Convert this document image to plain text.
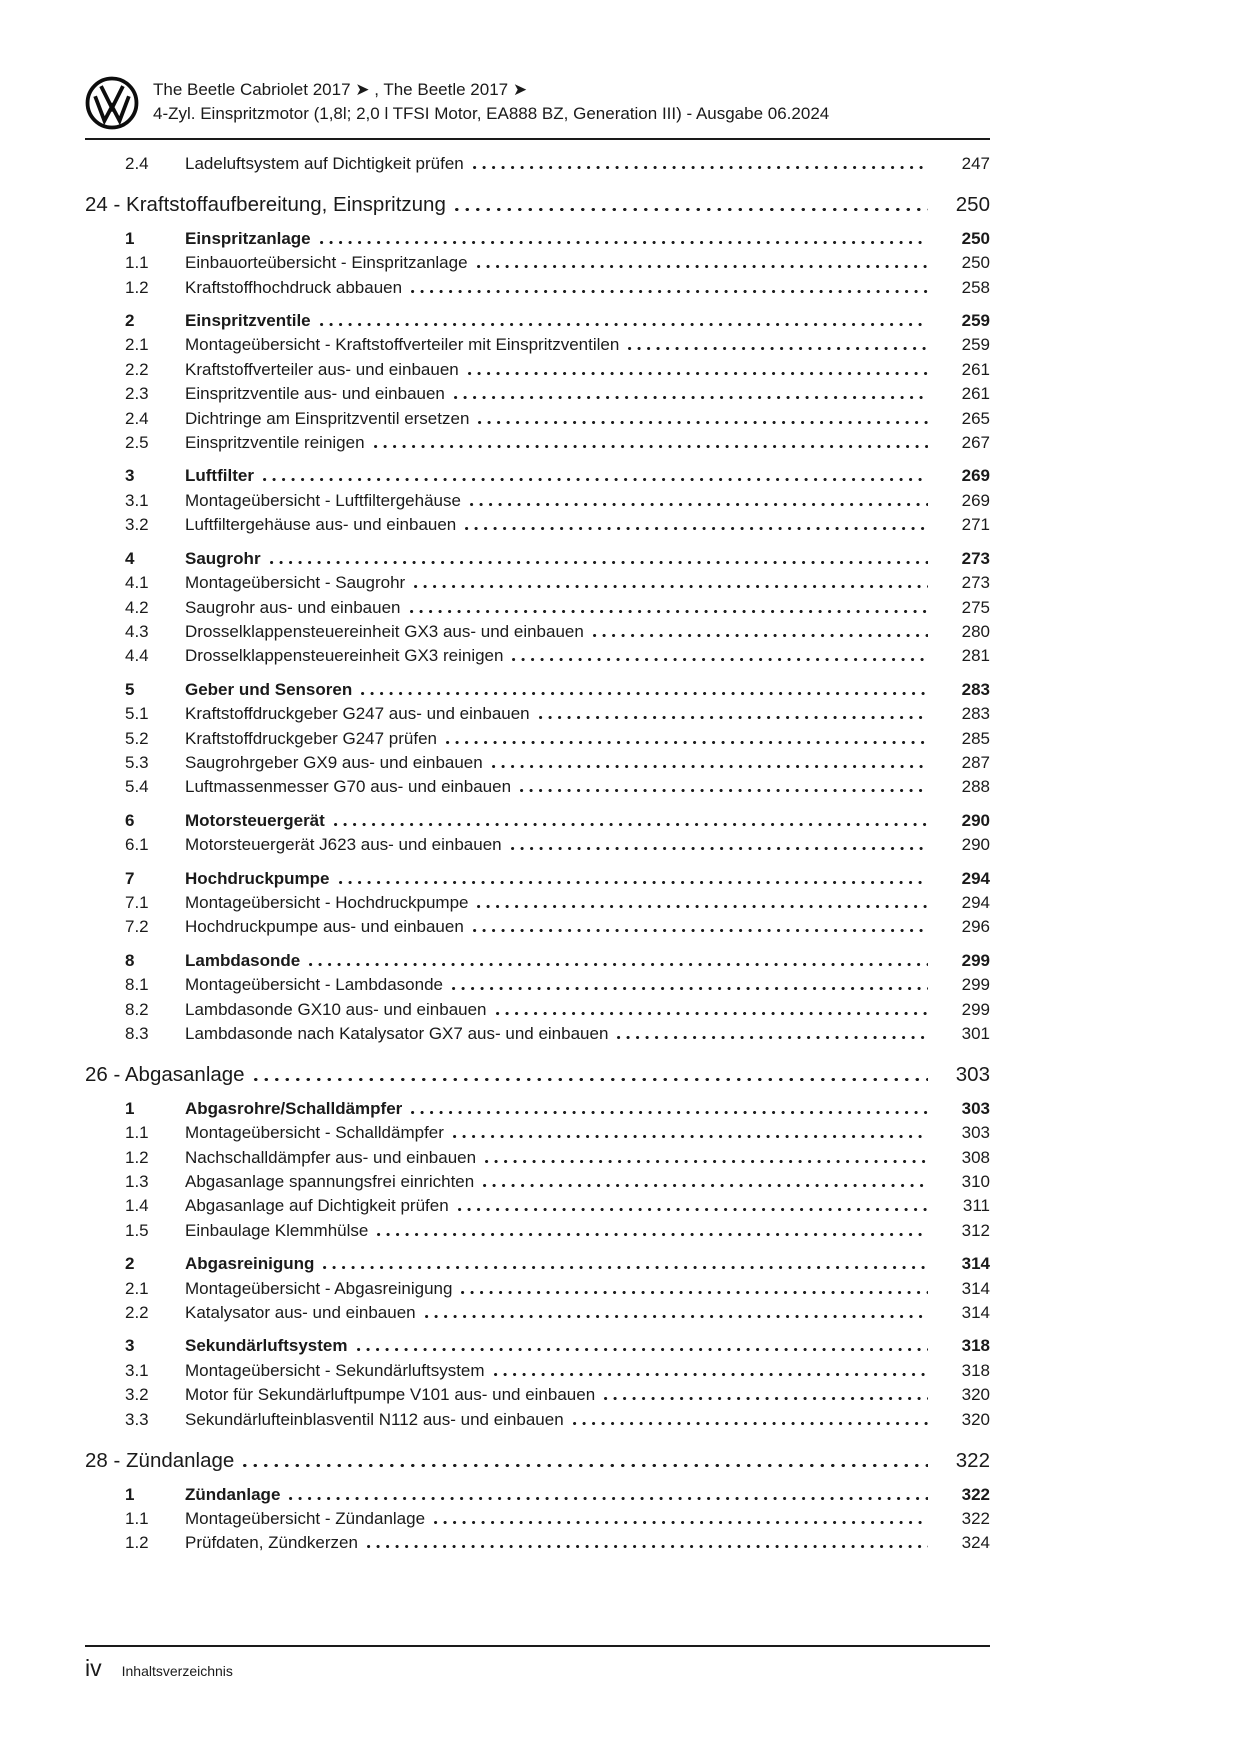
The Beetle Cabriolet 2017 ➤ , The Beetle 2017 ➤
4-Zyl. Einspritzmotor (1,8l; 2,0 l TFSI Motor, EA888 BZ, Generation III) - Ausgabe 06.2024
2.4	Ladeluftsystem auf Dichtigkeit prüfen	247
24 - Kraftstoffaufbereitung, Einspritzung	250
1	Einspritzanlage	250
1.1	Einbauorteübersicht - Einspritzanlage	250
1.2	Kraftstoffhochdruck abbauen	258
2	Einspritzventile	259
2.1	Montageübersicht - Kraftstoffverteiler mit Einspritzventilen	259
2.2	Kraftstoffverteiler aus- und einbauen	261
2.3	Einspritzventile aus- und einbauen	261
2.4	Dichtringe am Einspritzventil ersetzen	265
2.5	Einspritzventile reinigen	267
3	Luftfilter	269
3.1	Montageübersicht - Luftfiltergehäuse	269
3.2	Luftfiltergehäuse aus- und einbauen	271
4	Saugrohr	273
4.1	Montageübersicht - Saugrohr	273
4.2	Saugrohr aus- und einbauen	275
4.3	Drosselklappensteuereinheit GX3 aus- und einbauen	280
4.4	Drosselklappensteuereinheit GX3 reinigen	281
5	Geber und Sensoren	283
5.1	Kraftstoffdruckgeber G247 aus- und einbauen	283
5.2	Kraftstoffdruckgeber G247 prüfen	285
5.3	Saugrohrgeber GX9 aus- und einbauen	287
5.4	Luftmassenmesser G70 aus- und einbauen	288
6	Motorsteuergerät	290
6.1	Motorsteuergerät J623 aus- und einbauen	290
7	Hochdruckpumpe	294
7.1	Montageübersicht - Hochdruckpumpe	294
7.2	Hochdruckpumpe aus- und einbauen	296
8	Lambdasonde	299
8.1	Montageübersicht - Lambdasonde	299
8.2	Lambdasonde GX10 aus- und einbauen	299
8.3	Lambdasonde nach Katalysator GX7 aus- und einbauen	301
26 - Abgasanlage	303
1	Abgasrohre/Schalldämpfer	303
1.1	Montageübersicht - Schalldämpfer	303
1.2	Nachschalldämpfer aus- und einbauen	308
1.3	Abgasanlage spannungsfrei einrichten	310
1.4	Abgasanlage auf Dichtigkeit prüfen	311
1.5	Einbaulage Klemmhülse	312
2	Abgasreinigung	314
2.1	Montageübersicht - Abgasreinigung	314
2.2	Katalysator aus- und einbauen	314
3	Sekundärluftsystem	318
3.1	Montageübersicht - Sekundärluftsystem	318
3.2	Motor für Sekundärluftpumpe V101 aus- und einbauen	320
3.3	Sekundärlufteinblasventil N112 aus- und einbauen	320
28 - Zündanlage	322
1	Zündanlage	322
1.1	Montageübersicht - Zündanlage	322
1.2	Prüfdaten, Zündkerzen	324
iv Inhaltsverzeichnis
